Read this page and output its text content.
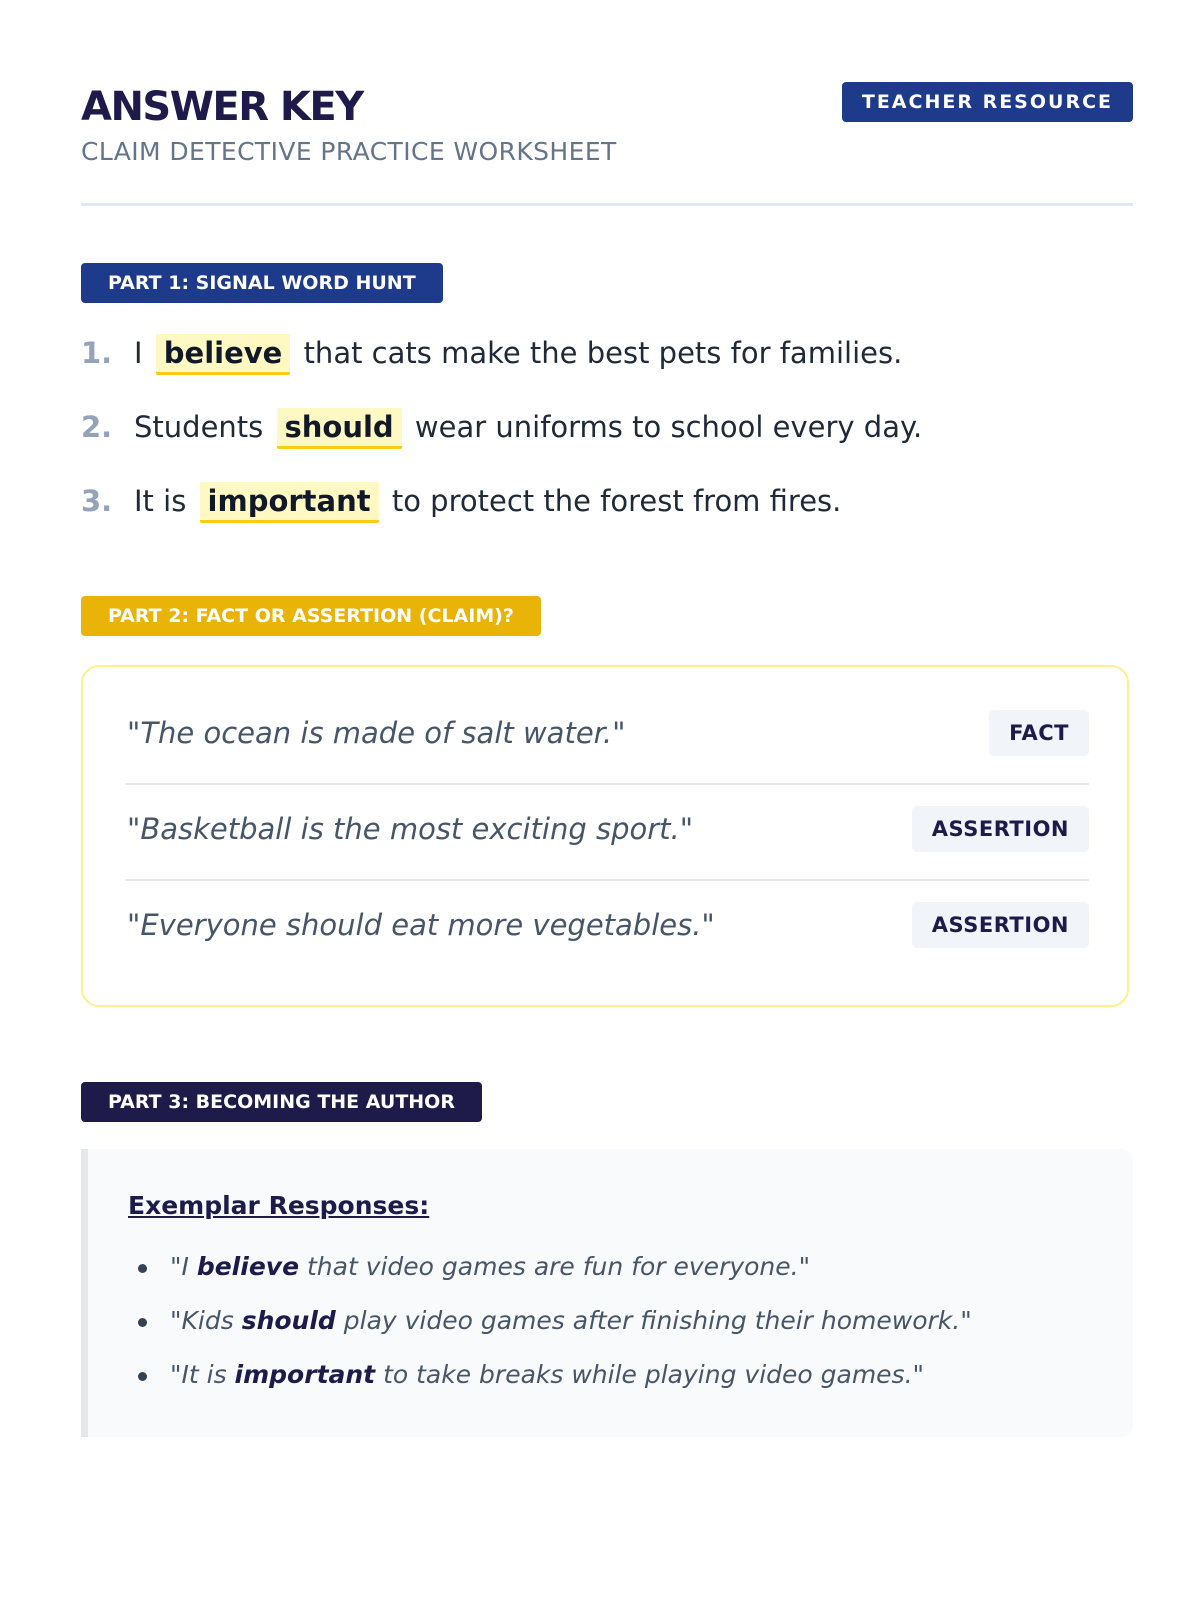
ANSWER KEY
CLAIM DETECTIVE PRACTICE WORKSHEET
TEACHER RESOURCE
PART 1: SIGNAL WORD HUNT
1. I believe that cats make the best pets for families.
2. Students should wear uniforms to school every day.
3. It is important to protect the forest from fires.
PART 2: FACT OR ASSERTION (CLAIM)?
"The ocean is made of salt water."	FACT
"Basketball is the most exciting sport."	ASSERTION
"Everyone should eat more vegetables."	ASSERTION
PART 3: BECOMING THE AUTHOR
Exemplar Responses:
"I believe that video games are fun for everyone."
"Kids should play video games after finishing their homework."
"It is important to take breaks while playing video games."
